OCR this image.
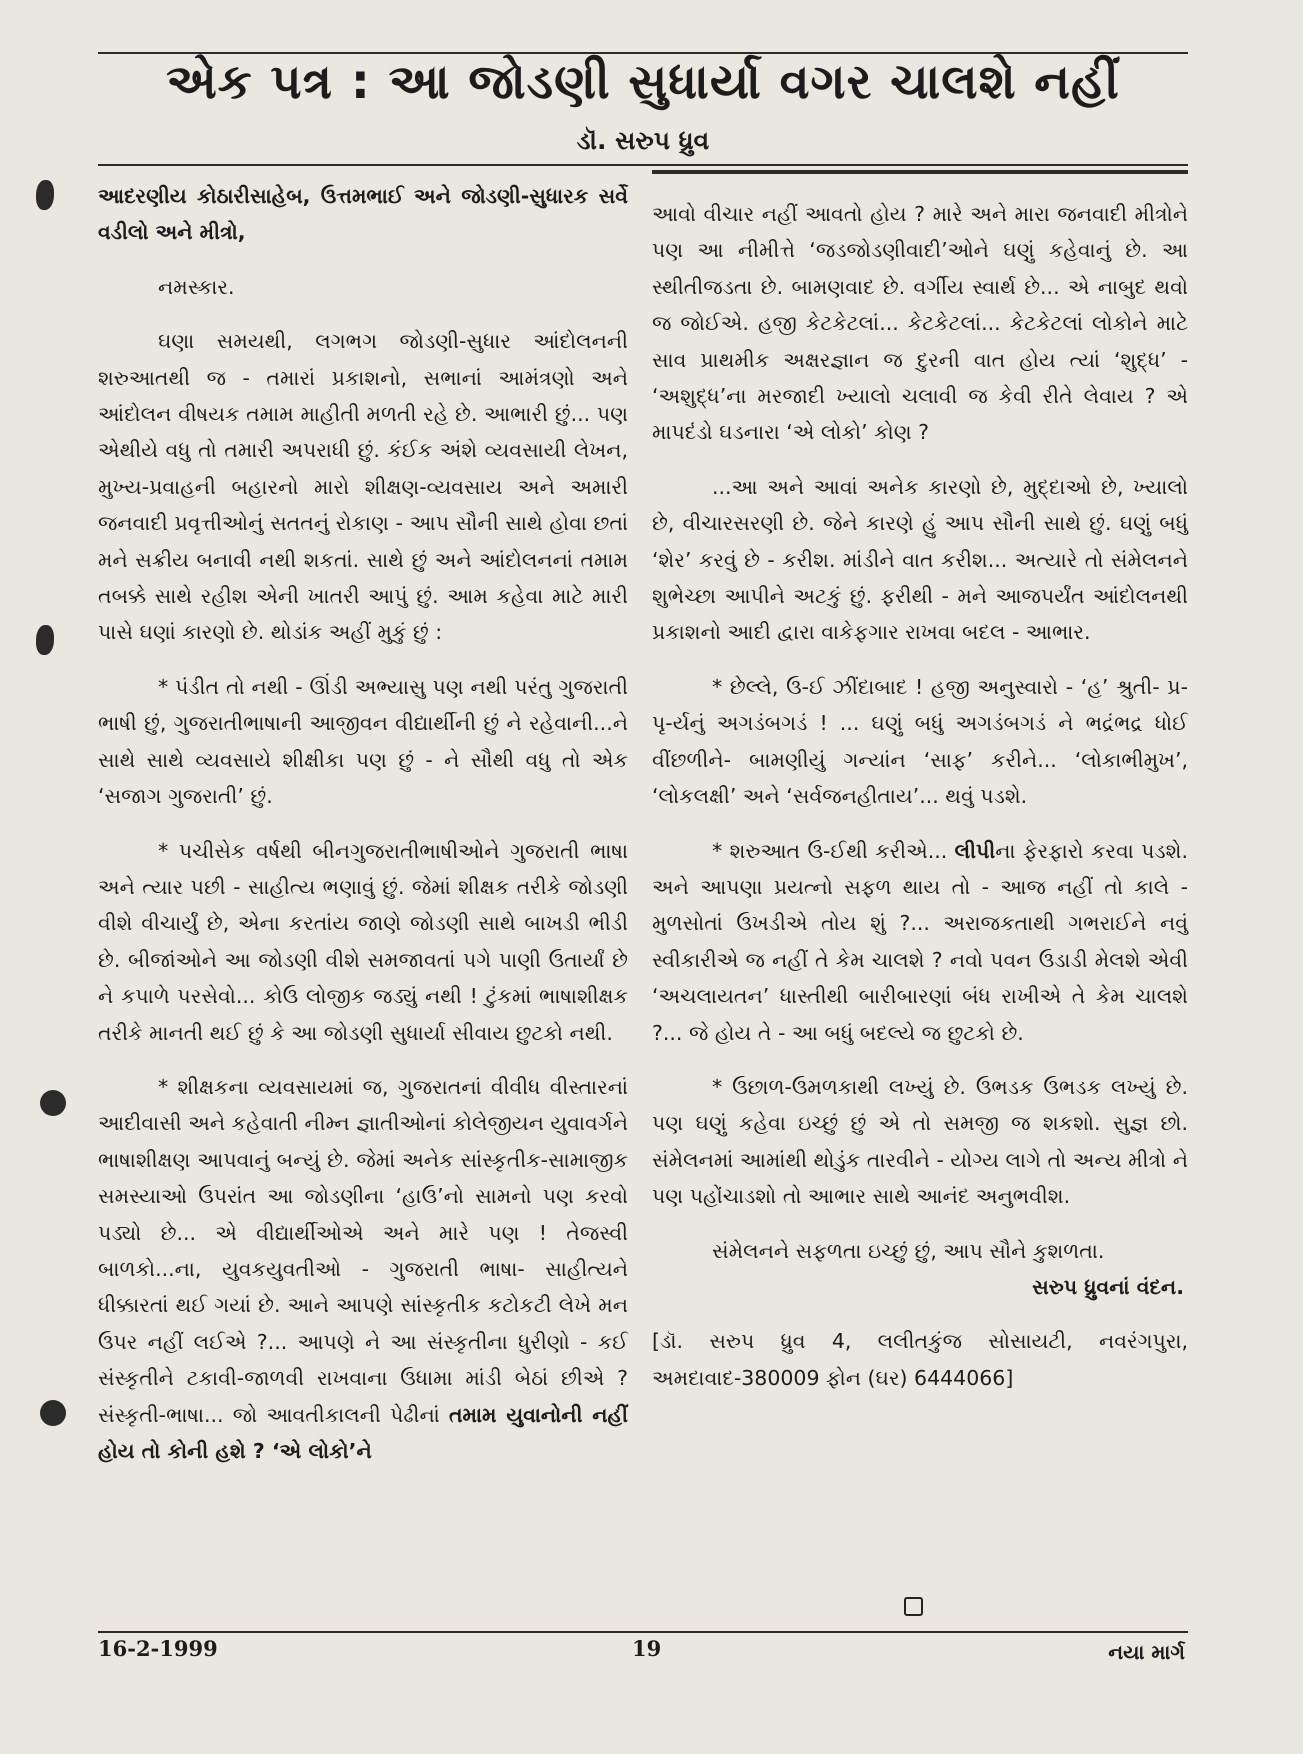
એક પત્ર : આ જોડણી સુધાર્યા વગર ચાલશે નહીં
ડૉ. સરુપ ધ્રુવ

આદરણીય કોઠારીસાહેબ, ઉત્તમભાઈ અને જોડણી-સુધારક સર્વે વડીલો અને મીત્રો,

નમસ્કાર.

ઘણા સમયથી, લગભગ જોડણી-સુધાર આંદોલનની શરુઆતથી જ - તમારાં પ્રકાશનો, સભાનાં આમંત્રણો અને આંદોલન વીષયક તમામ માહીતી મળતી રહે છે. આભારી છું... પણ એથીયે વધુ તો તમારી અપરાધી છું. કંઈક અંશે વ્યવસાયી લેખન, મુખ્ય-પ્રવાહની બહારનો મારો શીક્ષણ-વ્યવસાય અને અમારી જનવાદી પ્રવૃત્તીઓનું સતતનું રોકાણ - આપ સૌની સાથે હોવા છતાં મને સક્રીય બનાવી નથી શકતાં. સાથે છું અને આંદોલનનાં તમામ તબક્કે સાથે રહીશ એની ખાતરી આપું છું. આમ કહેવા માટે મારી પાસે ઘણાં કારણો છે. થોડાંક અહીં મુકું છું :

* પંડીત તો નથી - ઊંડી અભ્યાસુ પણ નથી પરંતુ ગુજરાતી ભાષી છું, ગુજરાતીભાષાની આજીવન વીદ્યાર્થીની છું ને રહેવાની...ને સાથે સાથે વ્યવસાયે શીક્ષીકા પણ છું - ને સૌથી વધુ તો એક ‘સજાગ ગુજરાતી’ છું.

* પચીસેક વર્ષથી બીનગુજરાતીભાષીઓને ગુજરાતી ભાષા અને ત્યાર પછી - સાહીત્ય ભણાવું છું. જેમાં શીક્ષક તરીકે જોડણી વીશે વીચાર્યું છે, એના કરતાંય જાણે જોડણી સાથે બાખડી ભીડી છે. બીજાંઓને આ જોડણી વીશે સમજાવતાં પગે પાણી ઉતાર્યાં છે ને કપાળે પરસેવો... કોઉ લોજીક જડ્યું નથી ! ટુંકમાં ભાષાશીક્ષક તરીકે માનતી થઈ છું કે આ જોડણી સુધાર્યા સીવાય છુટકો નથી.

* શીક્ષકના વ્યવસાયમાં જ, ગુજરાતનાં વીવીધ વીસ્તારનાં આદીવાસી અને કહેવાતી નીમ્ન જ્ઞાતીઓનાં કોલેજીયન યુવાવર્ગને ભાષાશીક્ષણ આપવાનું બન્યું છે. જેમાં અનેક સાંસ્કૃતીક-સામાજીક સમસ્યાઓ ઉપરાંત આ જોડણીના ‘હાઉ’નો સામનો પણ કરવો પડ્યો છે... એ વીદ્યાર્થીઓએ અને મારે પણ ! તેજસ્વી બાળકો...ના, યુવકયુવતીઓ - ગુજરાતી ભાષા- સાહીત્યને ધીક્કારતાં થઈ ગયાં છે. આને આપણે સાંસ્કૃતીક કટોકટી લેખે મન ઉપર નહીં લઈએ ?... આપણે ને આ સંસ્કૃતીના ધુરીણો - કઈ સંસ્કૃતીને ટકાવી-જાળવી રાખવાના ઉધામા માંડી બેઠાં છીએ ? સંસ્કૃતી-ભાષા... જો આવતીકાલની પેઢીનાં તમામ યુવાનોની નહીં હોય તો કોની હશે ? ‘એ લોકો’ને

આવો વીચાર નહીં આવતો હોય ? મારે અને મારા જનવાદી મીત્રોને પણ આ નીમીત્તે ‘જડજોડણીવાદી’ઓને ઘણું કહેવાનું છે. આ સ્થીતીજડતા છે. બામણવાદ છે. વર્ગીય સ્વાર્થ છે... એ નાબુદ થવો જ જોઈએ. હજી કેટકેટલાં... કેટકેટલાં... કેટકેટલાં લોકોને માટે સાવ પ્રાથમીક અક્ષરજ્ઞાન જ દુરની વાત હોય ત્યાં ‘શુદ્ધ’ - ‘અશુદ્ધ’ના મરજાદી ખ્યાલો ચલાવી જ કેવી રીતે લેવાય ? એ માપદંડો ઘડનારા ‘એ લોકો’ કોણ ?

...આ અને આવાં અનેક કારણો છે, મુદ્દાઓ છે, ખ્યાલો છે, વીચારસરણી છે. જેને કારણે હું આપ સૌની સાથે છું. ઘણું બધું ‘શેર’ કરવું છે - કરીશ. માંડીને વાત કરીશ... અત્યારે તો સંમેલનને શુભેચ્છા આપીને અટકું છું. ફરીથી - મને આજપર્યંત આંદોલનથી પ્રકાશનો આદી દ્વારા વાકેફગાર રાખવા બદલ - આભાર.

* છેલ્લે, ઉ-ઈ ઝીંદાબાદ ! હજી અનુસ્વારો - ‘હ’ શ્રુતી- પ્ર-પૃ-ર્યનું અગડંબગડં ! ... ઘણું બધું અગડંબગડં ને ભદ્રંભદ્ર ધોઈ વીંછળીને- બામણીયું ગન્યાંન ‘સાફ’ કરીને... ‘લોકાભીમુખ’, ‘લોકલક્ષી’ અને ‘સર્વજનહીતાય’... થવું પડશે.

* શરુઆત ઉ-ઈથી કરીએ... લીપીના ફેરફારો કરવા પડશે. અને આપણા પ્રયત્નો સફળ થાય તો - આજ નહીં તો કાલે - મુળસોતાં ઉખડીએ તોય શું ?... અરાજકતાથી ગભરાઈને નવું સ્વીકારીએ જ નહીં તે કેમ ચાલશે ? નવો પવન ઉડાડી મેલશે એવી ‘અચલાયતન’ ધાસ્તીથી બારીબારણાં બંધ રાખીએ તે કેમ ચાલશે ?... જે હોય તે - આ બધું બદલ્યે જ છુટકો છે.

* ઉછાળ-ઉમળકાથી લખ્યું છે. ઉભડક ઉભડક લખ્યું છે. પણ ઘણું કહેવા ઇચ્છું છું એ તો સમજી જ શકશો. સુજ્ઞ છો. સંમેલનમાં આમાંથી થોડુંક તારવીને - યોગ્ય લાગે તો અન્ય મીત્રો ને પણ પહોંચાડશો તો આભાર સાથે આનંદ અનુભવીશ.

સંમેલનને સફળતા ઇચ્છું છું, આપ સૌને કુશળતા.

સરુપ ધ્રુવનાં વંદન.

[ડૉ. સરુપ ધ્રુવ 4, લલીતકુંજ સોસાયટી, નવરંગપુરા, અમદાવાદ-380009 ફોન (ઘર) 6444066]

16-2-1999	19	નયા માર્ગ
